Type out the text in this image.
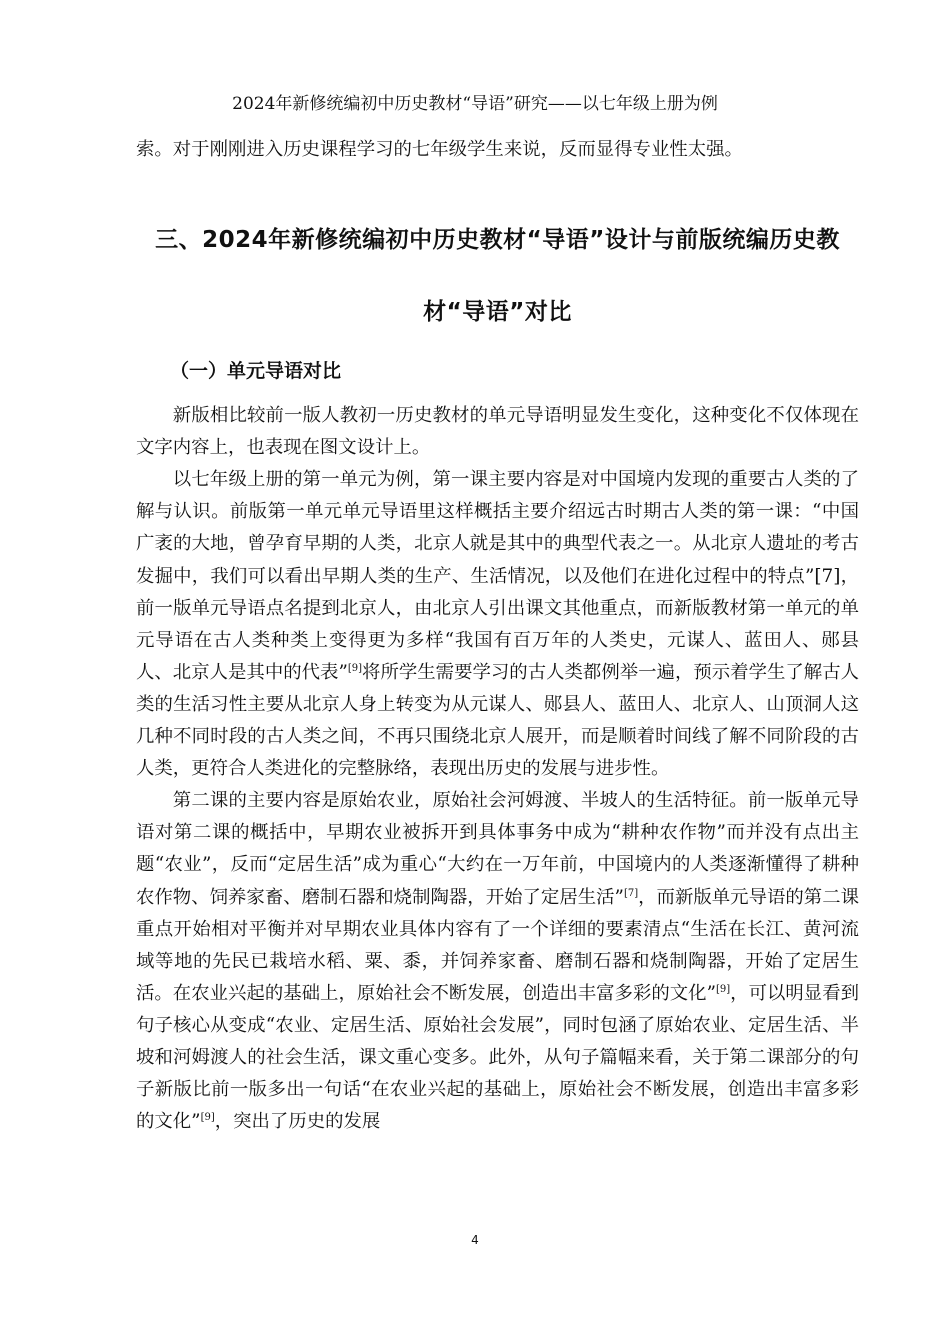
2024年新修统编初中历史教材“导语”研究——以七年级上册为例

索。对于刚刚进入历史课程学习的七年级学生来说，反而显得专业性太强。

三、2024年新修统编初中历史教材“导语”设计与前版统编历史教材“导语”对比
（一）单元导语对比

新版相比较前一版人教初一历史教材的单元导语明显发生变化，这种变化不仅体现在文字内容上，也表现在图文设计上。

以七年级上册的第一单元为例，第一课主要内容是对中国境内发现的重要古人类的了解与认识。前版第一单元单元导语里这样概括主要介绍远古时期古人类的第一课：“中国广袤的大地，曾孕育早期的人类，北京人就是其中的典型代表之一。从北京人遗址的考古发掘中，我们可以看出早期人类的生产、生活情况，以及他们在进化过程中的特点”[7]，前一版单元导语点名提到北京人，由北京人引出课文其他重点，而新版教材第一单元的单元导语在古人类种类上变得更为多样“我国有百万年的人类史，元谋人、蓝田人、郧县人、北京人是其中的代表”[9]将所学生需要学习的古人类都例举一遍，预示着学生了解古人类的生活习性主要从北京人身上转变为从元谋人、郧县人、蓝田人、北京人、山顶洞人这几种不同时段的古人类之间，不再只围绕北京人展开，而是顺着时间线了解不同阶段的古人类，更符合人类进化的完整脉络，表现出历史的发展与进步性。

第二课的主要内容是原始农业，原始社会河姆渡、半坡人的生活特征。前一版单元导语对第二课的概括中，早期农业被拆开到具体事务中成为“耕种农作物”而并没有点出主题“农业”，反而“定居生活”成为重心“大约在一万年前，中国境内的人类逐渐懂得了耕种农作物、饲养家畜、磨制石器和烧制陶器，开始了定居生活”[7]，而新版单元导语的第二课重点开始相对平衡并对早期农业具体内容有了一个详细的要素清点“生活在长江、黄河流域等地的先民已栽培水稻、粟、黍，并饲养家畜、磨制石器和烧制陶器，开始了定居生活。在农业兴起的基础上，原始社会不断发展，创造出丰富多彩的文化”[9]，可以明显看到句子核心从变成“农业、定居生活、原始社会发展”，同时包涵了原始农业、定居生活、半坡和河姆渡人的社会生活，课文重心变多。此外，从句子篇幅来看，关于第二课部分的句子新版比前一版多出一句话“在农业兴起的基础上，原始社会不断发展，创造出丰富多彩的文化”[9]，突出了历史的发展

4
